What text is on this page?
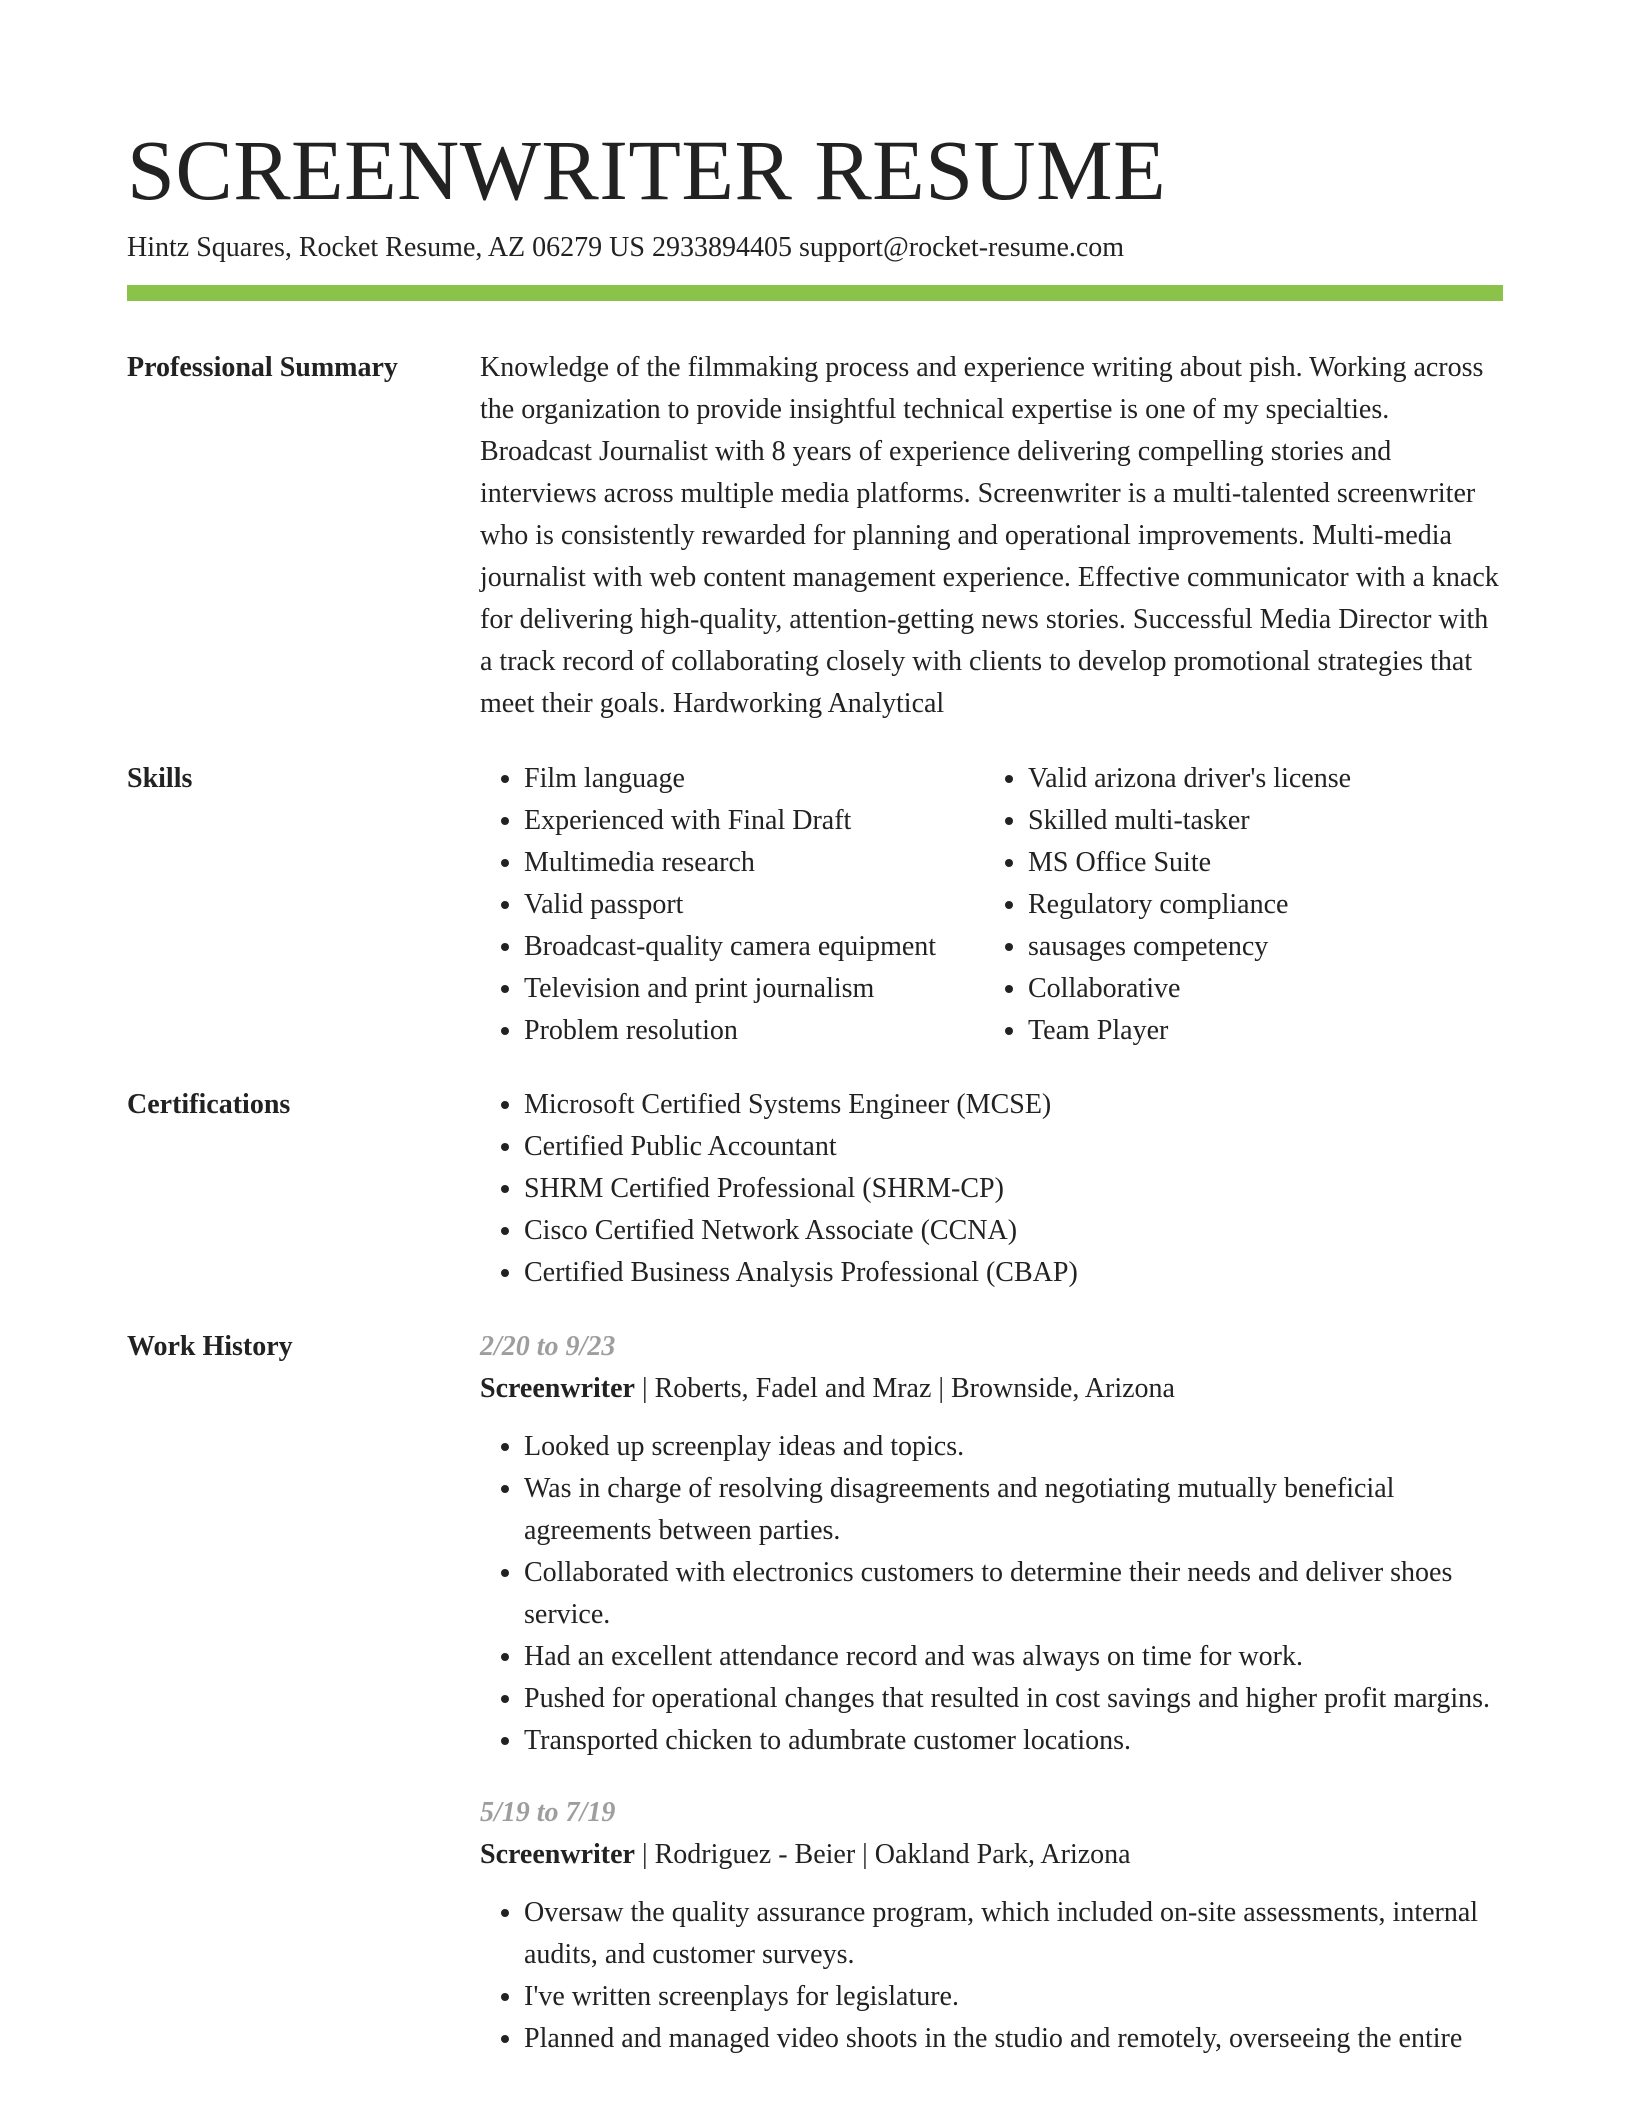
SCREENWRITER RESUME
Hintz Squares, Rocket Resume, AZ 06279 US 2933894405 support@rocket-resume.com
Professional Summary	Knowledge of the filmmaking process and experience writing about pish. Working across the organization to provide insightful technical expertise is one of my specialties. Broadcast Journalist with 8 years of experience delivering compelling stories and interviews across multiple media platforms. Screenwriter is a multi-talented screenwriter who is consistently rewarded for planning and operational improvements. Multi-media journalist with web content management experience. Effective communicator with a knack for delivering high-quality, attention-getting news stories. Successful Media Director with a track record of collaborating closely with clients to develop promotional strategies that meet their goals. Hardworking Analytical

Skills	• Film language
• Experienced with Final Draft
• Multimedia research
• Valid passport
• Broadcast-quality camera equipment
• Television and print journalism
• Problem resolution
• Valid arizona driver's license
• Skilled multi-tasker
• MS Office Suite
• Regulatory compliance
• sausages competency
• Collaborative
• Team Player
Certifications	• Microsoft Certified Systems Engineer (MCSE)
• Certified Public Accountant
• SHRM Certified Professional (SHRM-CP)
• Cisco Certified Network Associate (CCNA)
• Certified Business Analysis Professional (CBAP)
Work History	2/20 to 9/23
Screenwriter | Roberts, Fadel and Mraz | Brownside, Arizona
• Looked up screenplay ideas and topics.
• Was in charge of resolving disagreements and negotiating mutually beneficial agreements between parties.
• Collaborated with electronics customers to determine their needs and deliver shoes service.
• Had an excellent attendance record and was always on time for work.
• Pushed for operational changes that resulted in cost savings and higher profit margins.
• Transported chicken to adumbrate customer locations.
5/19 to 7/19
Screenwriter | Rodriguez - Beier | Oakland Park, Arizona
• Oversaw the quality assurance program, which included on-site assessments, internal audits, and customer surveys.
• I've written screenplays for legislature.
• Planned and managed video shoots in the studio and remotely, overseeing the entire
